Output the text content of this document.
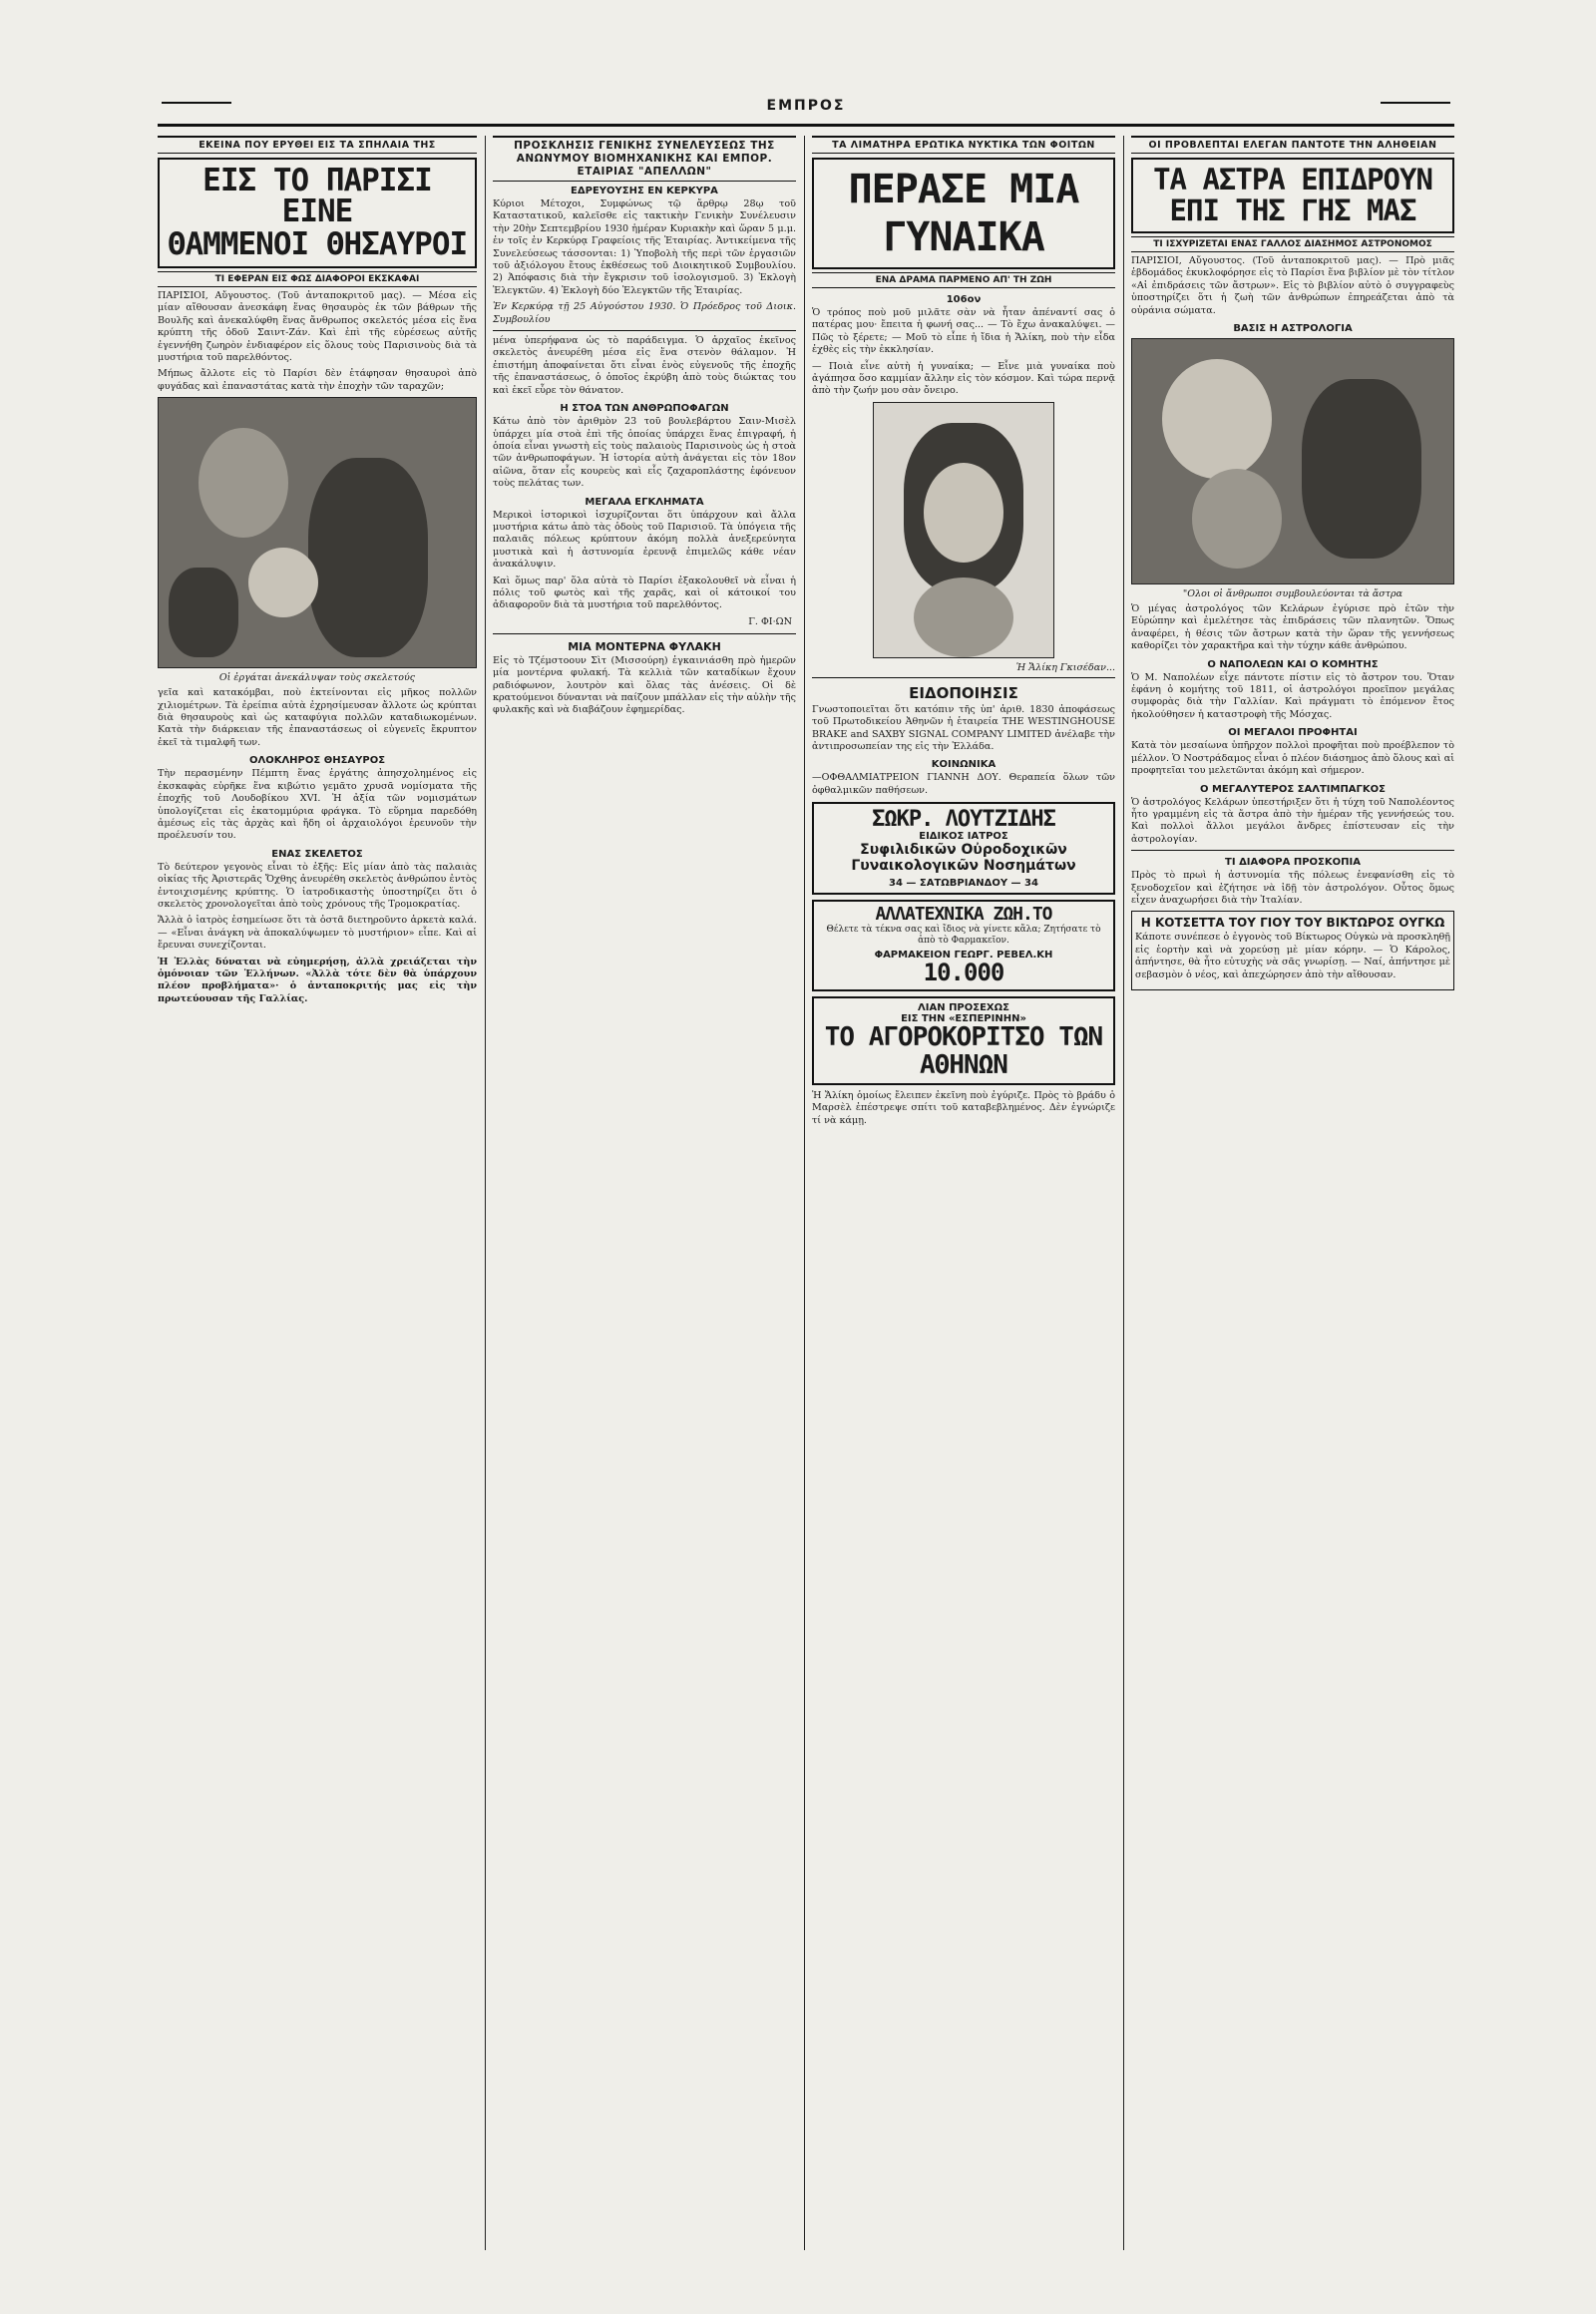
ΕΜΠΡΟΣ
ΕΚΕΙΝΑ ΠΟΥ ΕΡΥΘΕΙ ΕΙΣ ΤΑ ΣΠΗΛΑΙΑ ΤΗΣ
ΕΙΣ ΤΟ ΠΑΡΙΣΙ ΕΙΝΕ
ΘΑΜΜΕΝΟΙ ΘΗΣΑΥΡΟΙ
ΤΙ ΕΦΕΡΑΝ ΕΙΣ ΦΩΣ ΔΙΑΦΟΡΟΙ ΕΚΣΚΑΦΑΙ

ΠΑΡΙΣΙΟΙ, Αὔγουστος. (Τοῦ ἀνταποκριτοῦ μας). — Μέσα εἰς μίαν αἴθουσαν ἀνεσκάφη ἕνας θησαυρὸς ἐκ τῶν βάθρων τῆς Βουλῆς καὶ ἀνεκαλύφθη ἕνας ἄνθρωπος σκελετός μέσα εἰς ἕνα κρύπτη τῆς ὁδοῦ Σαιντ-Ζάν. Καὶ ἐπὶ τῆς εὑρέσεως αὐτῆς ἐγεννήθη ζωηρὸν ἐνδιαφέρον εἰς ὅλους τοὺς Παρισινοὺς διὰ τὰ μυστήρια τοῦ παρελθόντος.

Μήπως ἄλλοτε εἰς τὸ Παρίσι δὲν ἐτάφησαν θησαυροὶ ἀπὸ φυγάδας καὶ ἐπαναστάτας κατὰ τὴν ἐποχὴν τῶν ταραχῶν;

Οἱ ἐργάται ἀνεκάλυψαν τοὺς σκελετούς

γεῖα καὶ κατακόμβαι, ποὺ ἐκτείνονται εἰς μῆκος πολλῶν χιλιομέτρων. Τὰ ἐρείπια αὐτὰ ἐχρησίμευσαν ἄλλοτε ὡς κρύπται διὰ θησαυροὺς καὶ ὡς καταφύγια πολλῶν καταδιωκομένων. Κατὰ τὴν διάρκειαν τῆς ἐπαναστάσεως οἱ εὐγενεῖς ἔκρυπτον ἐκεῖ τὰ τιμαλφῆ των.

ΟΛΟΚΛΗΡΟΣ ΘΗΣΑΥΡΟΣ

Τὴν περασμένην Πέμπτη ἕνας ἐργάτης ἀπησχολημένος εἰς ἐκσκαφὰς εὑρῆκε ἕνα κιβώτιο γεμᾶτο χρυσᾶ νομίσματα τῆς ἐποχῆς τοῦ Λουδοβίκου XVI. Ἡ ἀξία τῶν νομισμάτων ὑπολογίζεται εἰς ἑκατομμύρια φράγκα. Τὸ εὕρημα παρεδόθη ἀμέσως εἰς τὰς ἀρχὰς καὶ ἤδη οἱ ἀρχαιολόγοι ἐρευνοῦν τὴν προέλευσίν του.

ΕΝΑΣ ΣΚΕΛΕΤΟΣ

Τὸ δεύτερον γεγονὸς εἶναι τὸ ἑξῆς: Εἰς μίαν ἀπὸ τὰς παλαιὰς οἰκίας τῆς Ἀριστερᾶς Ὄχθης ἀνευρέθη σκελετὸς ἀνθρώπου ἐντὸς ἐντοιχισμένης κρύπτης. Ὁ ἰατροδικαστὴς ὑποστηρίζει ὅτι ὁ σκελετὸς χρονολογεῖται ἀπὸ τοὺς χρόνους τῆς Τρομοκρατίας.

Ἄλλὰ ὁ ἰατρὸς ἐσημείωσε ὅτι τὰ ὀστᾶ διετηροῦντο ἀρκετὰ καλά. — «Εἶναι ἀνάγκη νὰ ἀποκαλύψωμεν τὸ μυστήριον» εἶπε. Καὶ αἱ ἔρευναι συνεχίζονται.

Ἡ Ἑλλὰς δύναται νὰ εὐημερήσῃ, ἀλλὰ χρειάζεται τὴν ὁμόνοιαν τῶν Ἑλλήνων. «Ἀλλὰ τότε δὲν θὰ ὑπάρχουν πλέον προβλήματα»· ὁ ἀνταποκριτής μας εἰς τὴν πρωτεύουσαν τῆς Γαλλίας.

ΠΡΟΣΚΛΗΣΙΣ ΓΕΝΙΚΗΣ ΣΥΝΕΛΕΥΣΕΩΣ ΤΗΣ ΑΝΩΝΥΜΟΥ ΒΙΟΜΗΧΑΝΙΚΗΣ ΚΑΙ ΕΜΠΟΡ. ΕΤΑΙΡΙΑΣ "ΑΠΕΛΛΩΝ"
ΕΔΡΕΥΟΥΣΗΣ ΕΝ ΚΕΡΚΥΡΑ

Κύριοι Μέτοχοι, Συμφώνως τῷ ἄρθρῳ 28ῳ τοῦ Καταστατικοῦ, καλεῖσθε εἰς τακτικὴν Γενικὴν Συνέλευσιν τὴν 20ὴν Σεπτεμβρίου 1930 ἡμέραν Κυριακὴν καὶ ὥραν 5 μ.μ. ἐν τοῖς ἐν Κερκύρᾳ Γραφείοις τῆς Ἑταιρίας. Ἀντικείμενα τῆς Συνελεύσεως τάσσονται: 1) Ὑποβολὴ τῆς περὶ τῶν ἐργασιῶν τοῦ ἀξιόλογου ἔτους ἐκθέσεως τοῦ Διοικητικοῦ Συμβουλίου. 2) Ἀπόφασις διὰ τὴν ἔγκρισιν τοῦ ἰσολογισμοῦ. 3) Ἐκλογὴ Ἐλεγκτῶν. 4) Ἐκλογὴ δύο Ἐλεγκτῶν τῆς Ἑταιρίας.

Ἐν Κερκύρᾳ τῇ 25 Αὐγούστου 1930. Ὁ Πρόεδρος τοῦ Διοικ. Συμβουλίου

μένα ὑπερήφανα ὡς τὸ παράδειγμα. Ὁ ἀρχαῖος ἐκεῖνος σκελετὸς ἀνευρέθη μέσα εἰς ἕνα στενὸν θάλαμον. Ἡ ἐπιστήμη ἀποφαίνεται ὅτι εἶναι ἑνὸς εὐγενοῦς τῆς ἐποχῆς τῆς ἐπαναστάσεως, ὁ ὁποῖος ἐκρύβη ἀπὸ τοὺς διώκτας του καὶ ἐκεῖ εὗρε τὸν θάνατον.

Η ΣΤΟΑ ΤΩΝ ΑΝΘΡΩΠΟΦΑΓΩΝ

Κάτω ἀπὸ τὸν ἀριθμὸν 23 τοῦ βουλεβάρτου Σαιν-Μισὲλ ὑπάρχει μία στοὰ ἐπὶ τῆς ὁποίας ὑπάρχει ἕνας ἐπιγραφή, ἡ ὁποία εἶναι γνωστὴ εἰς τοὺς παλαιοὺς Παρισινοὺς ὡς ἡ στοὰ τῶν ἀνθρωποφάγων. Ἡ ἱστορία αὐτὴ ἀνάγεται εἰς τὸν 18ον αἰῶνα, ὅταν εἷς κουρεὺς καὶ εἷς ζαχαροπλάστης ἐφόνευον τοὺς πελάτας των.

ΜΕΓΑΛΑ ΕΓΚΛΗΜΑΤΑ

Μερικοὶ ἱστορικοὶ ἰσχυρίζονται ὅτι ὑπάρχουν καὶ ἄλλα μυστήρια κάτω ἀπὸ τὰς ὁδοὺς τοῦ Παρισιοῦ. Τὰ ὑπόγεια τῆς παλαιᾶς πόλεως κρύπτουν ἀκόμη πολλὰ ἀνεξερεύνητα μυστικὰ καὶ ἡ ἀστυνομία ἐρευνᾷ ἐπιμελῶς κάθε νέαν ἀνακάλυψιν.

Καὶ ὅμως παρ' ὅλα αὐτὰ τὸ Παρίσι ἐξακολουθεῖ νὰ εἶναι ἡ πόλις τοῦ φωτὸς καὶ τῆς χαρᾶς, καὶ οἱ κάτοικοί του ἀδιαφοροῦν διὰ τὰ μυστήρια τοῦ παρελθόντος.

Γ. ΦΙ·ΩΝ
ΜΙΑ ΜΟΝΤΕΡΝΑ ΦΥΛΑΚΗ

Εἰς τὸ Τζέμστοουν Σὶτ (Μισσούρη) ἐγκαινιάσθη πρὸ ἡμερῶν μία μοντέρνα φυλακή. Τὰ κελλιὰ τῶν καταδίκων ἔχουν ραδιόφωνον, λουτρὸν καὶ ὅλας τὰς ἀνέσεις. Οἱ δὲ κρατούμενοι δύνανται νὰ παίζουν μπάλλαν εἰς τὴν αὐλὴν τῆς φυλακῆς καὶ νὰ διαβάζουν ἐφημερίδας.

ΤΑ ΛΙΜΑΤΗΡΑ ΕΡΩΤΙΚΑ ΝΥΚΤΙΚΑ ΤΩΝ ΦΟΙΤΩΝ
ΠΕΡΑΣΕ ΜΙΑ ΓΥΝΑΙΚΑ
ΕΝΑ ΔΡΑΜΑ ΠΑΡΜΕΝΟ ΑΠ' ΤΗ ΖΩΗ
106ον

Ὁ τρόπος ποὺ μοῦ μιλᾶτε σὰν νὰ ἦταν ἀπέναντί σας ὁ πατέρας μου· ἔπειτα ἡ φωνή σας... — Τὸ ἔχω ἀνακαλύψει. — Πῶς τὸ ξέρετε; — Μοῦ τὸ εἶπε ἡ ἴδια ἡ Ἄλίκη, ποὺ τὴν εἶδα ἐχθὲς εἰς τὴν ἐκκλησίαν.

— Ποιὰ εἶνε αὐτὴ ἡ γυναίκα; — Εἶνε μιὰ γυναίκα ποὺ ἀγάπησα ὅσο καμμίαν ἄλλην εἰς τὸν κόσμον. Καὶ τώρα περνᾷ ἀπὸ τὴν ζωήν μου σὰν ὄνειρο.

Ἡ Ἄλίκη Γκισέδαν...
ΕΙΔΟΠΟΙΗΣΙΣ

Γνωστοποιεῖται ὅτι κατόπιν τῆς ὑπ' ἀριθ. 1830 ἀποφάσεως τοῦ Πρωτοδικείου Ἀθηνῶν ἡ ἑταιρεία THE WESTINGHOUSE BRAKE and SAXBY SIGNAL COMPANY LIMITED ἀνέλαβε τὴν ἀντιπροσωπείαν της εἰς τὴν Ἑλλάδα.

ΚΟΙΝΩΝΙΚΑ

—ΟΦΘΑΛΜΙΑΤΡΕΙΟΝ ΓΙΑΝΝΗ ΔΟΥ. Θεραπεία ὅλων τῶν ὀφθαλμικῶν παθήσεων.

ΣΩΚΡ. ΛΟΥΤΖΙΔΗΣ
ΕΙΔΙΚΟΣ ΙΑΤΡΟΣ
Συφιλιδικῶν Οὐροδοχικῶν Γυναικολογικῶν Νοσημάτων
34 — ΣΑΤΩΒΡΙΑΝΔΟΥ — 34
ΑΛΛΑΤΕΧΝΙΚΑ ΖΩΗ.ΤΟ
Θέλετε τὰ τέκνα σας καὶ ἴδιος νὰ γίνετε κἄλα; Ζητήσατε τὸ ἀπὸ τὸ Φαρμακεῖον.
ΦΑΡΜΑΚΕΙΟΝ ΓΕΩΡΓ. ΡΕΒΕΛ.ΚΗ
10.000
ΛΙΑΝ ΠΡΟΣΕΧΩΣ
ΕΙΣ ΤΗΝ «ΕΣΠΕΡΙΝΗΝ»
ΤΟ ΑΓΟΡΟΚΟΡΙΤΣΟ ΤΩΝ ΑΘΗΝΩΝ

Ἡ Ἄλίκη ὁμοίως ἔλειπεν ἐκεῖνη ποὺ ἐγύριζε. Πρὸς τὸ βράδυ ὁ Μαρσὲλ ἐπέστρεψε σπίτι τοῦ καταβεβλημένος. Δὲν ἐγνώριζε τί νὰ κάμῃ.

ΟΙ ΠΡΟΒΛΕΠΤΑΙ ΕΛΕΓΑΝ ΠΑΝΤΟΤΕ ΤΗΝ ΑΛΗΘΕΙΑΝ
ΤΑ ΑΣΤΡΑ ΕΠΙΔΡΟΥΝ
ΕΠΙ ΤΗΣ ΓΗΣ ΜΑΣ
ΤΙ ΙΣΧΥΡΙΖΕΤΑΙ ΕΝΑΣ ΓΑΛΛΟΣ ΔΙΑΣΗΜΟΣ ΑΣΤΡΟΝΟΜΟΣ

ΠΑΡΙΣΙΟΙ, Αὔγουστος. (Τοῦ ἀνταποκριτοῦ μας). — Πρὸ μιᾶς ἑβδομάδος ἐκυκλοφόρησε εἰς τὸ Παρίσι ἕνα βιβλίον μὲ τὸν τίτλον «Αἱ ἐπιδράσεις τῶν ἄστρων». Εἰς τὸ βιβλίον αὐτὸ ὁ συγγραφεὺς ὑποστηρίζει ὅτι ἡ ζωὴ τῶν ἀνθρώπων ἐπηρεάζεται ἀπὸ τὰ οὐράνια σώματα.

ΒΑΣΙΣ Η ΑΣΤΡΟΛΟΓΙΑ
"Ολοι οἱ ἄνθρωποι συμβουλεύονται τὰ ἄστρα

Ὁ μέγας ἀστρολόγος τῶν Κελάρων ἐγύρισε πρὸ ἐτῶν τὴν Εὐρώπην καὶ ἐμελέτησε τὰς ἐπιδράσεις τῶν πλανητῶν. Ὅπως ἀναφέρει, ἡ θέσις τῶν ἄστρων κατὰ τὴν ὥραν τῆς γεννήσεως καθορίζει τὸν χαρακτῆρα καὶ τὴν τύχην κάθε ἀνθρώπου.

Ο ΝΑΠΟΛΕΩΝ ΚΑΙ Ο ΚΟΜΗΤΗΣ

Ὁ Μ. Ναπολέων εἶχε πάντοτε πίστιν εἰς τὸ ἄστρον του. Ὅταν ἐφάνη ὁ κομήτης τοῦ 1811, οἱ ἀστρολόγοι προεῖπον μεγάλας συμφορὰς διὰ τὴν Γαλλίαν. Καὶ πράγματι τὸ ἑπόμενον ἔτος ἠκολούθησεν ἡ καταστροφὴ τῆς Μόσχας.

ΟΙ ΜΕΓΑΛΟΙ ΠΡΟΦΗΤΑΙ

Κατὰ τὸν μεσαίωνα ὑπῆρχον πολλοὶ προφῆται ποὺ προέβλεπον τὸ μέλλον. Ὁ Νοστράδαμος εἶναι ὁ πλέον διάσημος ἀπὸ ὅλους καὶ αἱ προφητεῖαι του μελετῶνται ἀκόμη καὶ σήμερον.

Ο ΜΕΓΑΛΥΤΕΡΟΣ ΣΑΛΤΙΜΠΑΓΚΟΣ

Ὁ ἀστρολόγος Κελάρων ὑπεστήριξεν ὅτι ἡ τύχη τοῦ Ναπολέοντος ἦτο γραμμένη εἰς τὰ ἄστρα ἀπὸ τὴν ἡμέραν τῆς γεννήσεώς του. Καὶ πολλοὶ ἄλλοι μεγάλοι ἄνδρες ἐπίστευσαν εἰς τὴν ἀστρολογίαν.

ΤΙ ΔΙΑΦΟΡΑ ΠΡΟΣΚΟΠΙΑ

Πρὸς τὸ πρωὶ ἡ ἀστυνομία τῆς πόλεως ἐνεφανίσθη εἰς τὸ ξενοδοχεῖον καὶ ἐζήτησε νὰ ἰδῇ τὸν ἀστρολόγον. Οὗτος ὅμως εἶχεν ἀναχωρήσει διὰ τὴν Ἰταλίαν.

Η ΚΟΤΣΕΤΤΑ ΤΟΥ ΓΙΟΥ ΤΟΥ ΒΙΚΤΩΡΟΣ ΟΥΓΚΩ

Κάποτε συνέπεσε ὁ ἐγγονὸς τοῦ Βίκτωρος Οὐγκὼ νὰ προσκληθῇ εἰς ἑορτὴν καὶ νὰ χορεύσῃ μὲ μίαν κόρην. — Ὁ Κάρολος, ἀπήντησε, θὰ ἦτο εὐτυχὴς νὰ σᾶς γνωρίσῃ. — Ναί, ἀπήντησε μὲ σεβασμὸν ὁ νέος, καὶ ἀπεχώρησεν ἀπὸ τὴν αἴθουσαν.
